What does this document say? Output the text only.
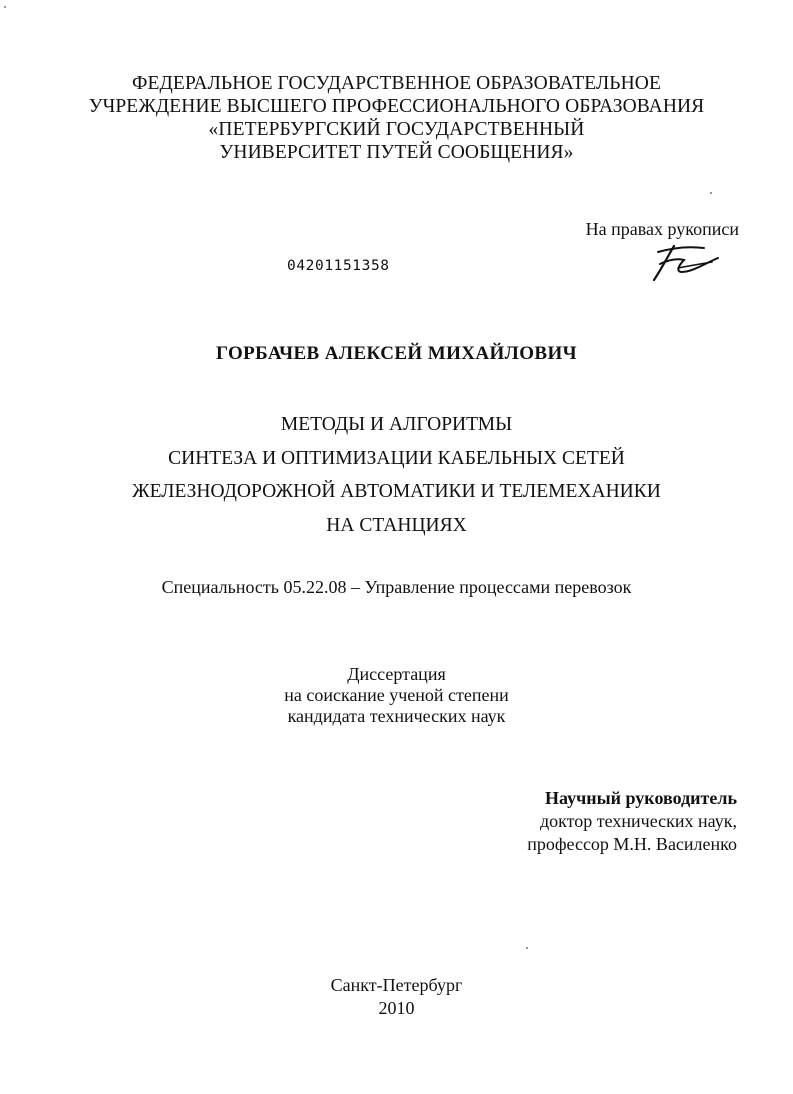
ФЕДЕРАЛЬНОЕ ГОСУДАРСТВЕННОЕ ОБРАЗОВАТЕЛЬНОЕ
УЧРЕЖДЕНИЕ ВЫСШЕГО ПРОФЕССИОНАЛЬНОГО ОБРАЗОВАНИЯ
«ПЕТЕРБУРГСКИЙ ГОСУДАРСТВЕННЫЙ
УНИВЕРСИТЕТ ПУТЕЙ СООБЩЕНИЯ»
На правах рукописи
04201151358
ГОРБАЧЕВ АЛЕКСЕЙ МИХАЙЛОВИЧ
МЕТОДЫ И АЛГОРИТМЫ
СИНТЕЗА И ОПТИМИЗАЦИИ КАБЕЛЬНЫХ СЕТЕЙ
ЖЕЛЕЗНОДОРОЖНОЙ АВТОМАТИКИ И ТЕЛЕМЕХАНИКИ
НА СТАНЦИЯХ
Специальность 05.22.08 – Управление процессами перевозок
Диссертация
на соискание ученой степени
кандидата технических наук
Научный руководитель
доктор технических наук,
профессор М.Н. Василенко
Санкт-Петербург
2010
